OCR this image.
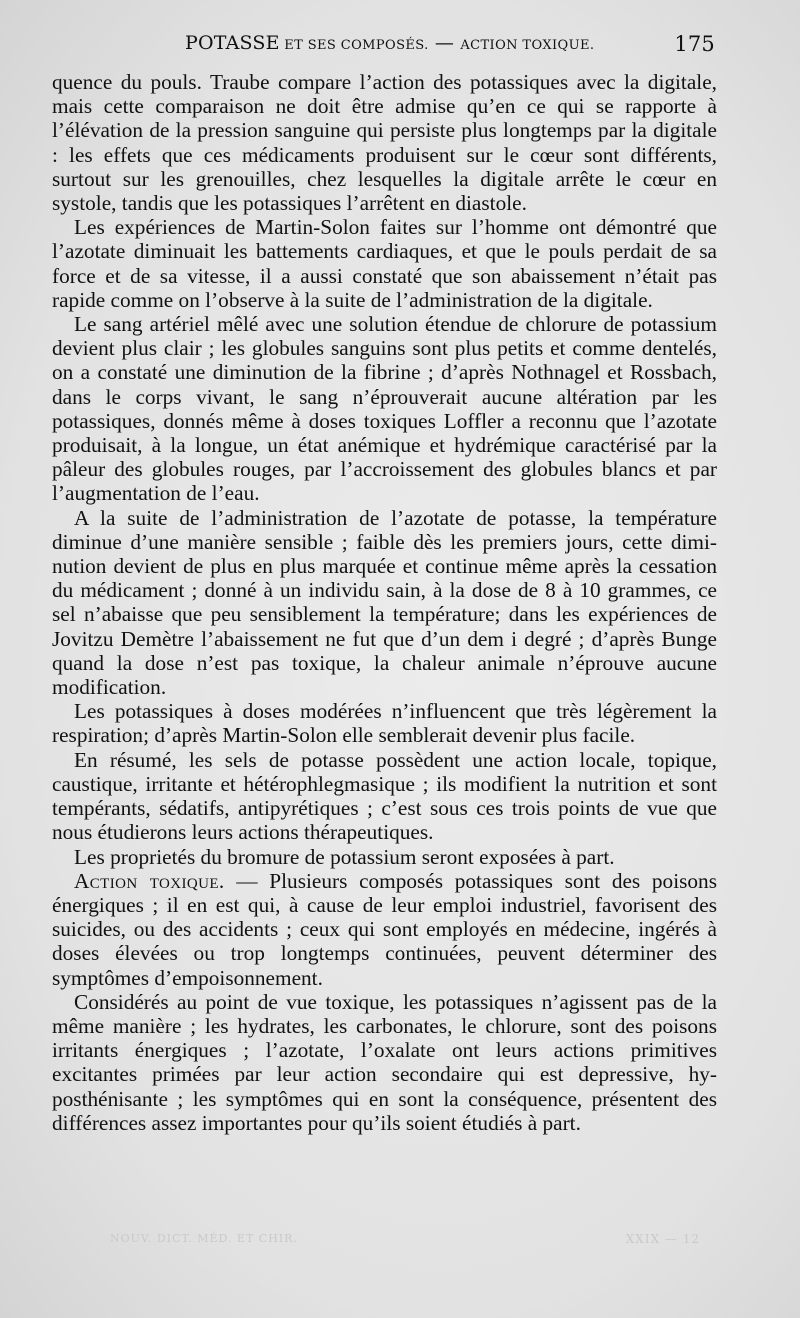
POTASSE ET SES COMPOSÉS. — ACTION TOXIQUE.	175

quence du pouls. Traube compare l’action des potassiques avec la digitale, mais cette comparaison ne doit être admise qu’en ce qui se rapporte à l’élévation de la pression sanguine qui persiste plus longtemps par la digitale : les effets que ces médicaments produisent sur le cœur sont différents, surtout sur les grenouilles, chez lesquelles la digitale arrête le cœur en systole, tandis que les potassiques l’arrêtent en diastole.

Les expériences de Martin-Solon faites sur l’homme ont démontré que l’azotate diminuait les battements cardiaques, et que le pouls perdait de sa force et de sa vitesse, il a aussi constaté que son abaissement n’était pas rapide comme on l’observe à la suite de l’administration de la digitale.

Le sang artériel mêlé avec une solution étendue de chlorure de potassium devient plus clair ; les globules sanguins sont plus petits et comme dentelés, on a constaté une diminution de la fibrine ; d’après Nothnagel et Rossbach, dans le corps vivant, le sang n’éprouverait aucune altération par les potassiques, donnés même à doses toxiques Loffler a reconnu que l’azotate produisait, à la longue, un état anémique et hydrémique caractérisé par la pâleur des globules rouges, par l’accroissement des globules blancs et par l’augmentation de l’eau.

A la suite de l’administration de l’azotate de potasse, la température diminue d’une manière sensible ; faible dès les premiers jours, cette diminution devient de plus en plus marquée et continue même après la cessation du médicament ; donné à un individu sain, à la dose de 8 à 10 grammes, ce sel n’abaisse que peu sensiblement la température; dans les expériences de Jovitzu Demètre l’abaissement ne fut que d’un dem i degré ; d’après Bunge quand la dose n’est pas toxique, la chaleur animale n’éprouve aucune modification.

Les potassiques à doses modérées n’influencent que très légèrement la respiration; d’après Martin-Solon elle semblerait devenir plus facile.

En résumé, les sels de potasse possèdent une action locale, topique, caustique, irritante et hétérophlegmasique ; ils modifient la nutrition et sont tempérants, sédatifs, antipyrétiques ; c’est sous ces trois points de vue que nous étudierons leurs actions thérapeutiques.

Les proprietés du bromure de potassium seront exposées à part.

Action toxique. — Plusieurs composés potassiques sont des poisons énergiques ; il en est qui, à cause de leur emploi industriel, favorisent des suicides, ou des accidents ; ceux qui sont employés en médecine, ingérés à doses élevées ou trop longtemps continuées, peuvent déterminer des symptômes d’empoisonnement.

Considérés au point de vue toxique, les potassiques n’agissent pas de la même manière ; les hydrates, les carbonates, le chlorure, sont des poisons irritants énergiques ; l’azotate, l’oxalate ont leurs actions primitives excitantes primées par leur action secondaire qui est depressive, hyposthénisante ; les symptômes qui en sont la conséquence, présentent des différences assez importantes pour qu’ils soient étudiés à part.

NOUV. DICT. MÉD. ET CHIR.	XXIX — 12
